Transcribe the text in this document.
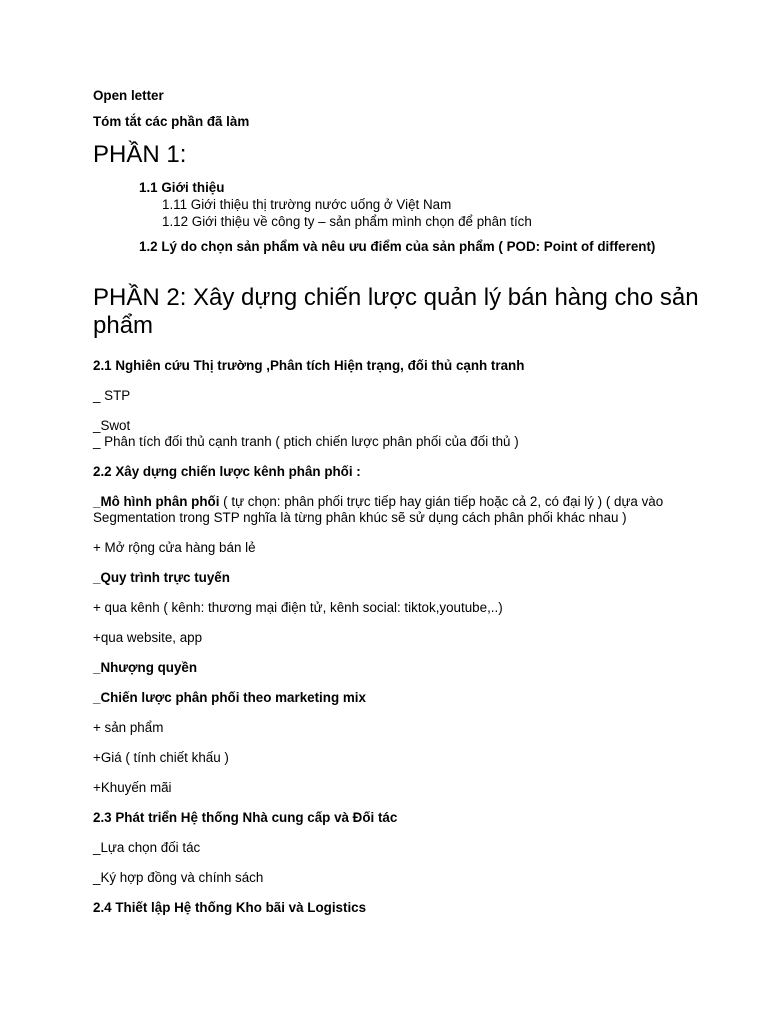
Open letter
Tóm tắt các phần đã làm
PHẦN 1:
1.1 Giới thiệu
1.11 Giới thiệu thị trường nước uống ở Việt Nam
1.12 Giới thiệu về công ty – sản phẩm mình chọn để phân tích
1.2 Lý do chọn sản phẩm và nêu ưu điểm của sản phẩm ( POD: Point of different)
PHẦN 2: Xây dựng chiến lược quản lý bán hàng cho sản phẩm
2.1 Nghiên cứu Thị trường ,Phân tích Hiện trạng, đối thủ cạnh tranh
_ STP
_Swot
_ Phân tích đối thủ cạnh tranh ( ptich chiến lược phân phối của đối thủ )
2.2 Xây dựng chiến lược kênh phân phối :
_Mô hình phân phối ( tự chọn: phân phối trực tiếp hay gián tiếp hoặc cả 2, có đại lý ) ( dựa vào Segmentation trong STP nghĩa là từng phân khúc sẽ sử dụng cách phân phối khác nhau )
+ Mở rộng cửa hàng bán lẻ
_Quy trình trực tuyến
+ qua kênh ( kênh: thương mại điện tử, kênh social: tiktok,youtube,..)
+qua website, app
_Nhượng quyền
_Chiến lược phân phối theo marketing mix
+ sản phẩm
+Giá ( tính chiết khấu )
+Khuyến mãi
2.3 Phát triển Hệ thống Nhà cung cấp và Đối tác
_Lựa chọn đối tác
_Ký hợp đồng và chính sách
2.4 Thiết lập Hệ thống Kho bãi và Logistics
